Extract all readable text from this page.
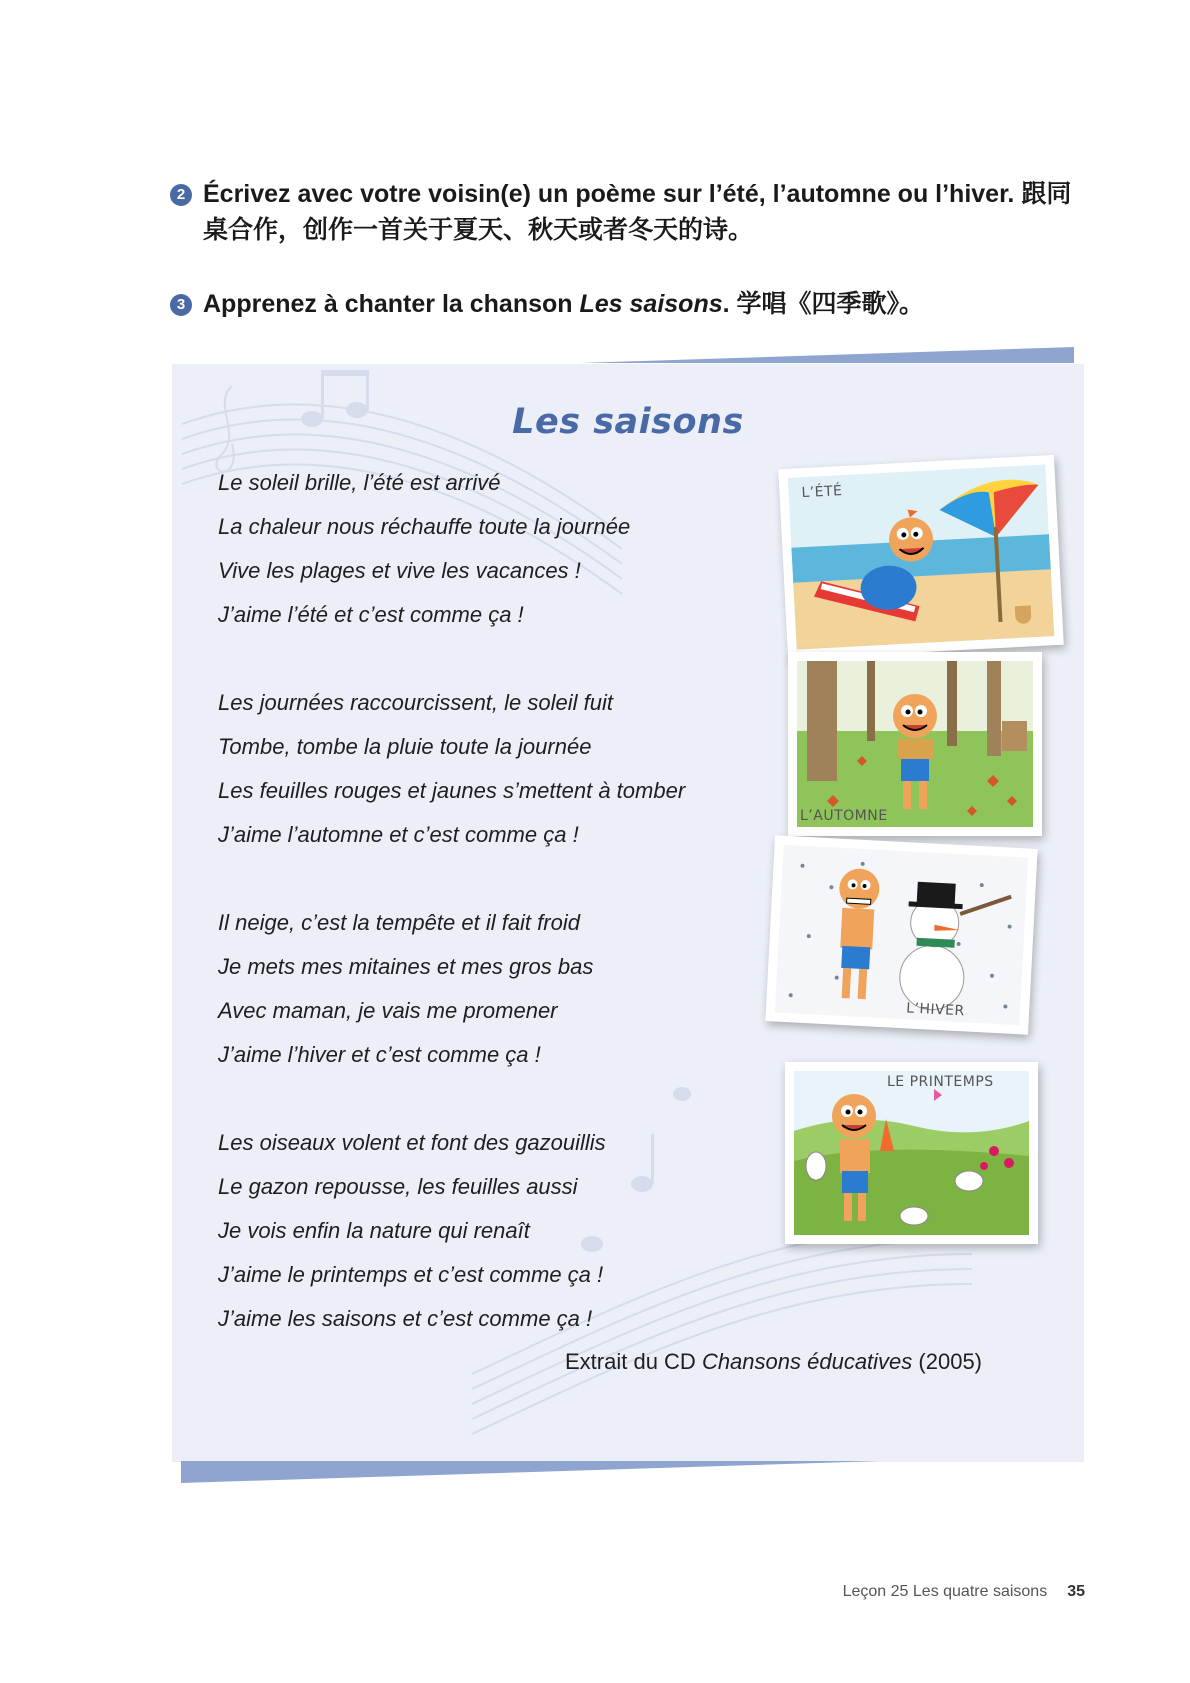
2 Écrivez avec votre voisin(e) un poème sur l’été, l’automne ou l’hiver. 跟同桌合作，创作一首关于夏天、秋天或者冬天的诗。
3 Apprenez à chanter la chanson Les saisons. 学唱《四季歌》。
Les saisons
Le soleil brille, l’été est arrivé
La chaleur nous réchauffe toute la journée
Vive les plages et vive les vacances !
J’aime l’été et c’est comme ça !
Les journées raccourcissent, le soleil fuit
Tombe, tombe la pluie toute la journée
Les feuilles rouges et jaunes s’mettent à tomber
J’aime l’automne et c’est comme ça !
Il neige, c’est la tempête et il fait froid
Je mets mes mitaines et mes gros bas
Avec maman, je vais me promener
J’aime l’hiver et c’est comme ça !
Les oiseaux volent et font des gazouillis
Le gazon repousse, les feuilles aussi
Je vois enfin la nature qui renaît
J’aime le printemps et c’est comme ça !
J’aime les saisons et c’est comme ça !
Extrait du CD Chansons éducatives (2005)
L’ÉTÉ
L’AUTOMNE
L’HIVER
LE PRINTEMPS
Leçon 25 Les quatre saisons 35
